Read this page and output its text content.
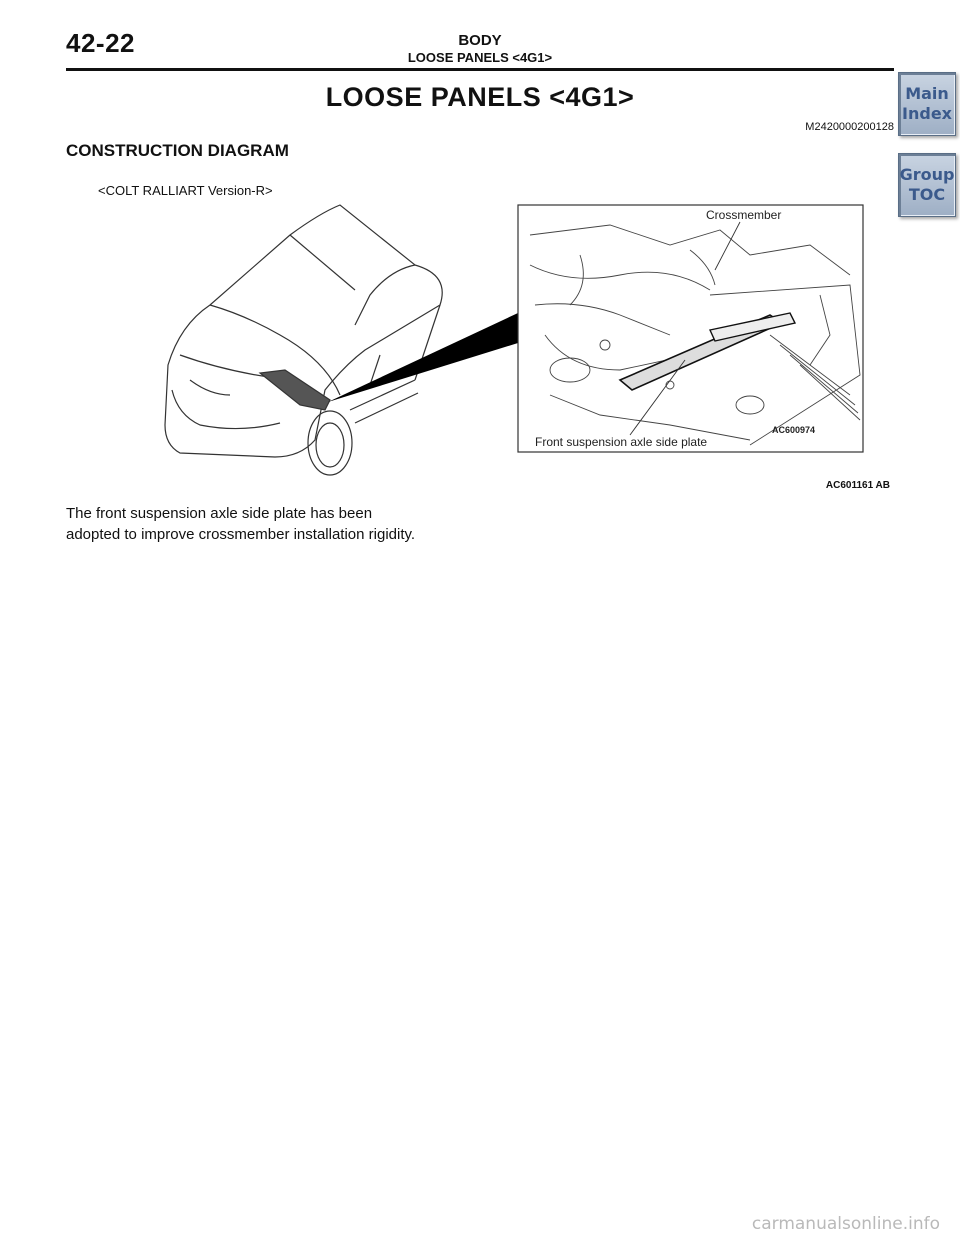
42-22	BODY
LOOSE PANELS <4G1>
Main
Index
Group
TOC
LOOSE PANELS <4G1>
M2420000200128
CONSTRUCTION DIAGRAM
<COLT RALLIART Version-R>
Crossmember
Front suspension axle side plate
AC600974
AC601161 AB
The front suspension axle side plate has been
adopted to improve crossmember installation rigidity.
carmanualsonline.info
